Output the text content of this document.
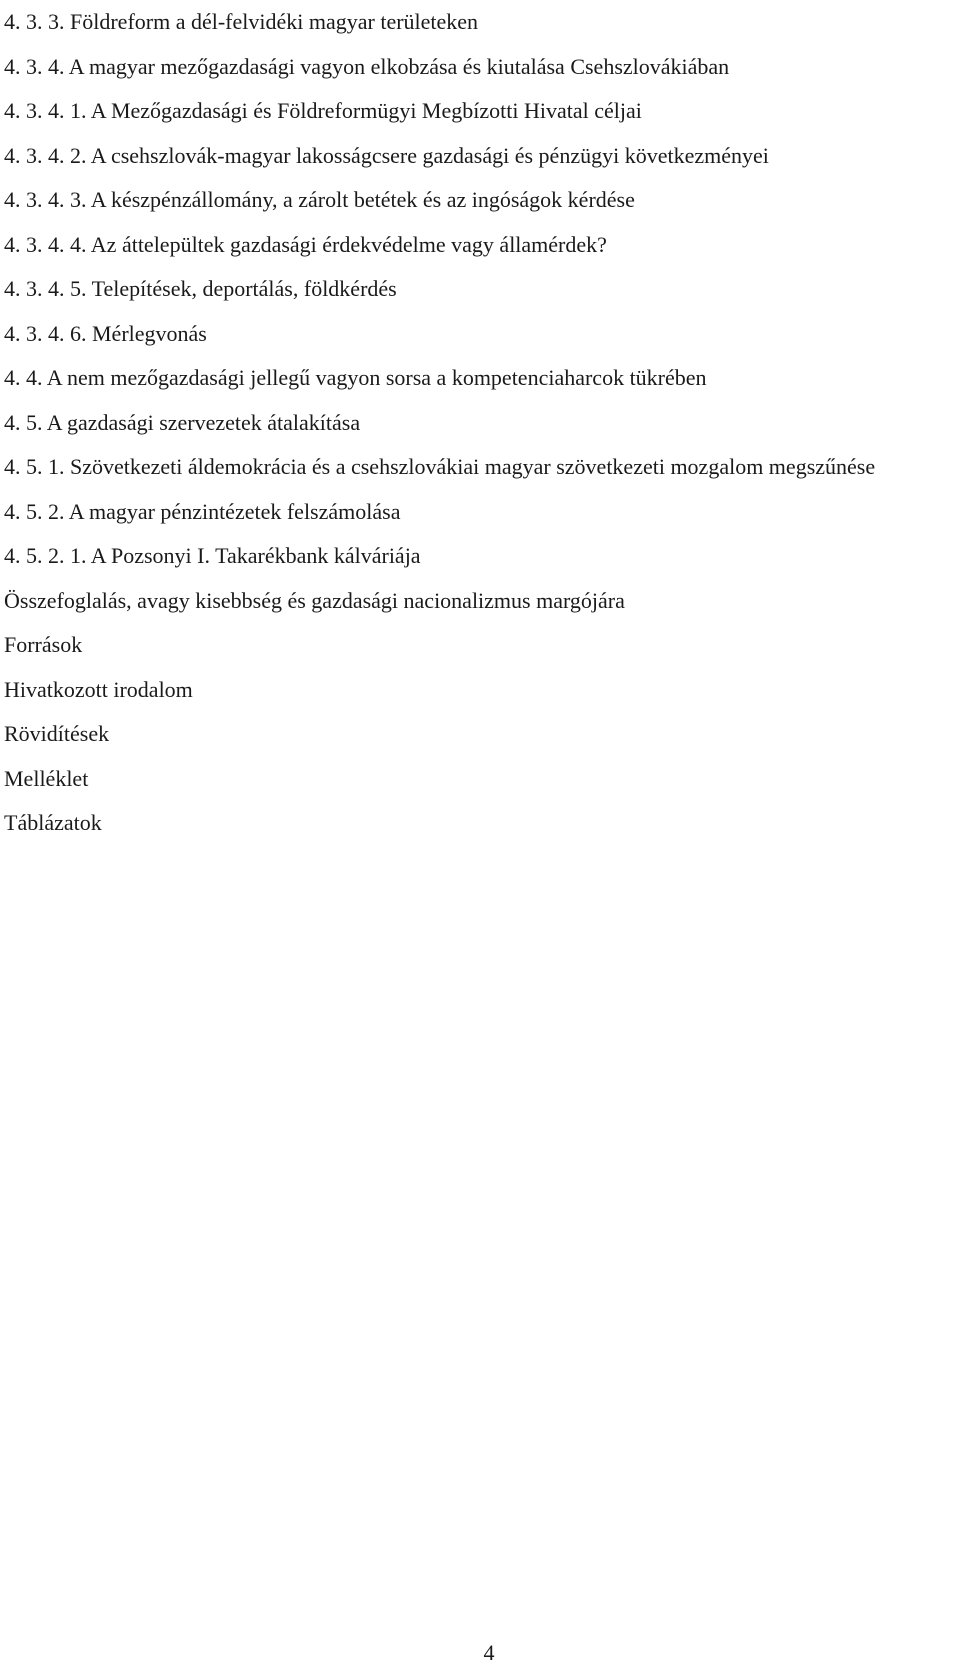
4. 3. 3. Földreform a dél-felvidéki magyar területeken
4. 3. 4. A magyar mezőgazdasági vagyon elkobzása és kiutalása Csehszlovákiában
4. 3. 4. 1. A Mezőgazdasági és Földreformügyi Megbízotti Hivatal céljai
4. 3. 4. 2. A csehszlovák-magyar lakosságcsere gazdasági és pénzügyi következményei
4. 3. 4. 3. A készpénzállomány, a zárolt betétek és az ingóságok kérdése
4. 3. 4. 4. Az áttelepültek gazdasági érdekvédelme vagy államérdek?
4. 3. 4. 5. Telepítések, deportálás, földkérdés
4. 3. 4. 6. Mérlegvonás
4. 4. A nem mezőgazdasági jellegű vagyon sorsa a kompetenciaharcok tükrében
4. 5. A gazdasági szervezetek átalakítása
4. 5. 1. Szövetkezeti áldemokrácia és a csehszlovákiai magyar szövetkezeti mozgalom megszűnése
4. 5. 2. A magyar pénzintézetek felszámolása
4. 5. 2. 1. A Pozsonyi I. Takarékbank kálváriája
Összefoglalás, avagy kisebbség és gazdasági nacionalizmus margójára
Források
Hivatkozott irodalom
Rövidítések
Melléklet
Táblázatok
4
